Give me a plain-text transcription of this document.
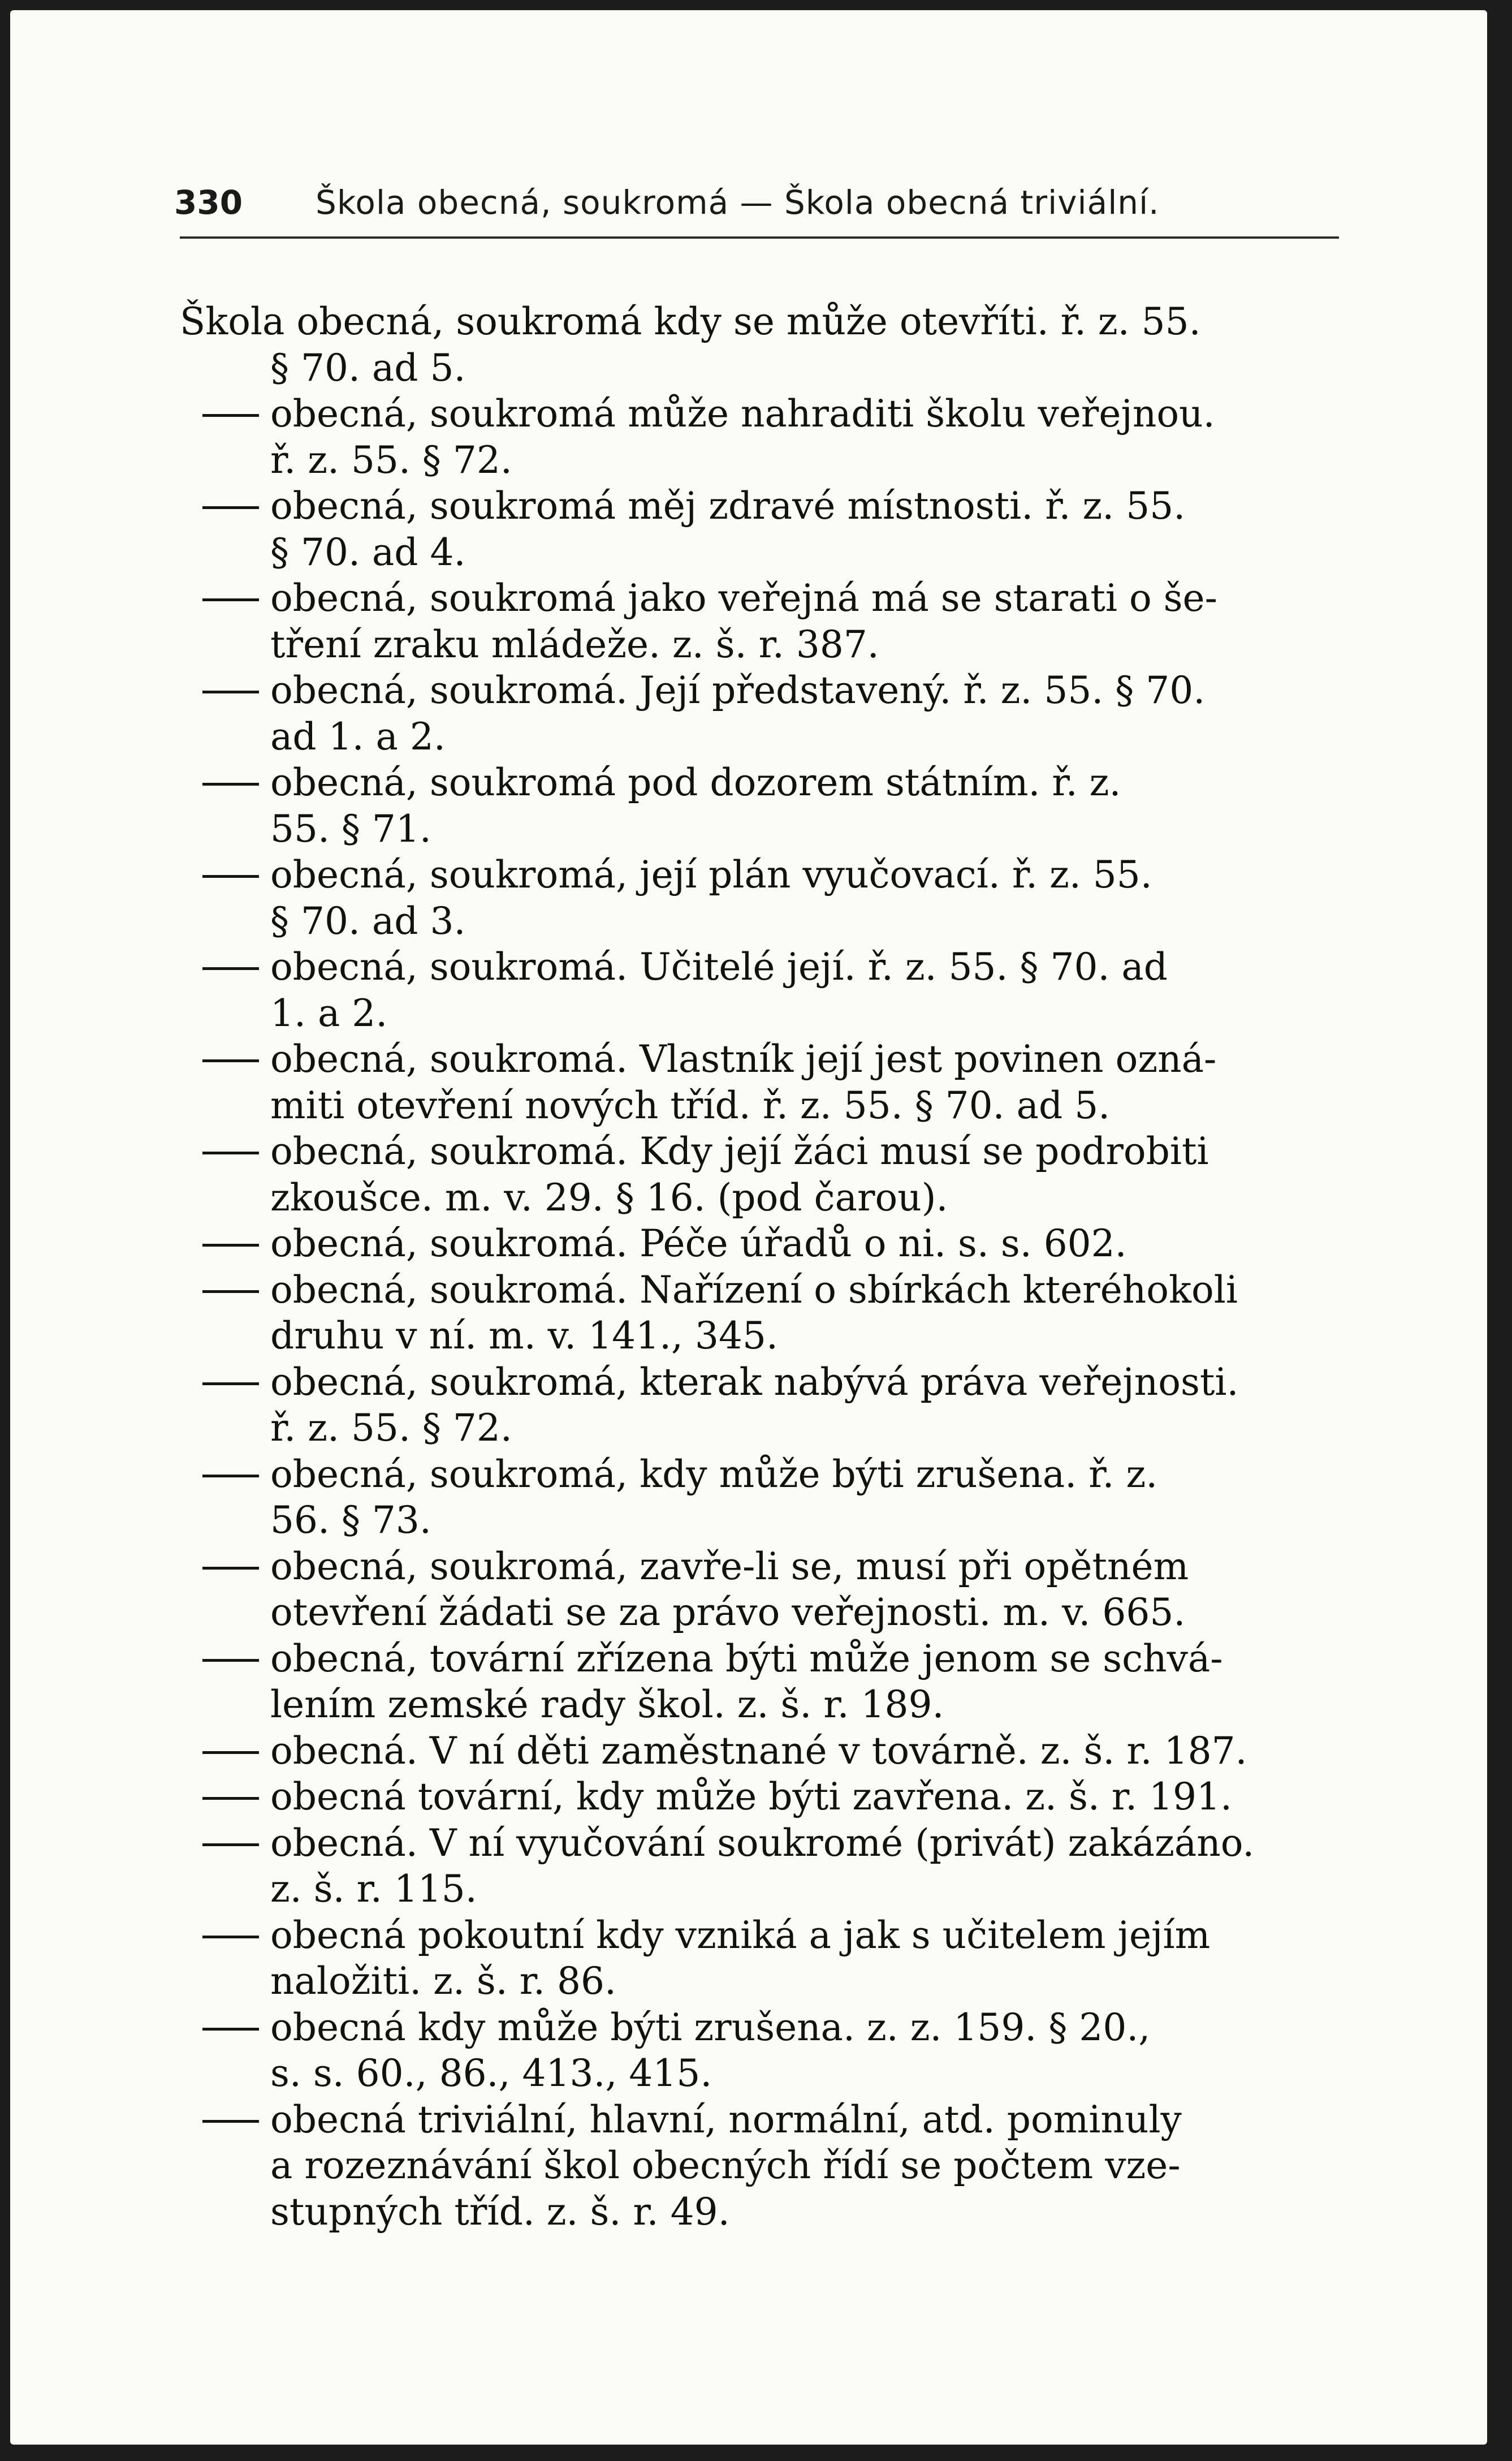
330 Škola obecná, soukromá — Škola obecná triviální.
Škola obecná, soukromá kdy se může otevříti. ř. z. 55.
§ 70. ad 5.
obecná, soukromá může nahraditi školu veřejnou.
ř. z. 55. § 72.
obecná, soukromá měj zdravé místnosti. ř. z. 55.
§ 70. ad 4.
obecná, soukromá jako veřejná má se starati o še-
tření zraku mládeže. z. š. r. 387.
obecná, soukromá. Její představený. ř. z. 55. § 70.
ad 1. a 2.
obecná, soukromá pod dozorem státním. ř. z.
55. § 71.
obecná, soukromá, její plán vyučovací. ř. z. 55.
§ 70. ad 3.
obecná, soukromá. Učitelé její. ř. z. 55. § 70. ad
1. a 2.
obecná, soukromá. Vlastník její jest povinen ozná-
miti otevření nových tříd. ř. z. 55. § 70. ad 5.
obecná, soukromá. Kdy její žáci musí se podrobiti
zkoušce. m. v. 29. § 16. (pod čarou).
obecná, soukromá. Péče úřadů o ni. s. s. 602.
obecná, soukromá. Nařízení o sbírkách kteréhokoli
druhu v ní. m. v. 141., 345.
obecná, soukromá, kterak nabývá práva veřejnosti.
ř. z. 55. § 72.
obecná, soukromá, kdy může býti zrušena. ř. z.
56. § 73.
obecná, soukromá, zavře-li se, musí při opětném
otevření žádati se za právo veřejnosti. m. v. 665.
obecná, tovární zřízena býti může jenom se schvá-
lením zemské rady škol. z. š. r. 189.
obecná. V ní děti zaměstnané v továrně. z. š. r. 187.
obecná tovární, kdy může býti zavřena. z. š. r. 191.
obecná. V ní vyučování soukromé (privát) zakázáno.
z. š. r. 115.
obecná pokoutní kdy vzniká a jak s učitelem jejím
naložiti. z. š. r. 86.
obecná kdy může býti zrušena. z. z. 159. § 20.,
s. s. 60., 86., 413., 415.
obecná triviální, hlavní, normální, atd. pominuly
a rozeznávání škol obecných řídí se počtem vze-
stupných tříd. z. š. r. 49.
